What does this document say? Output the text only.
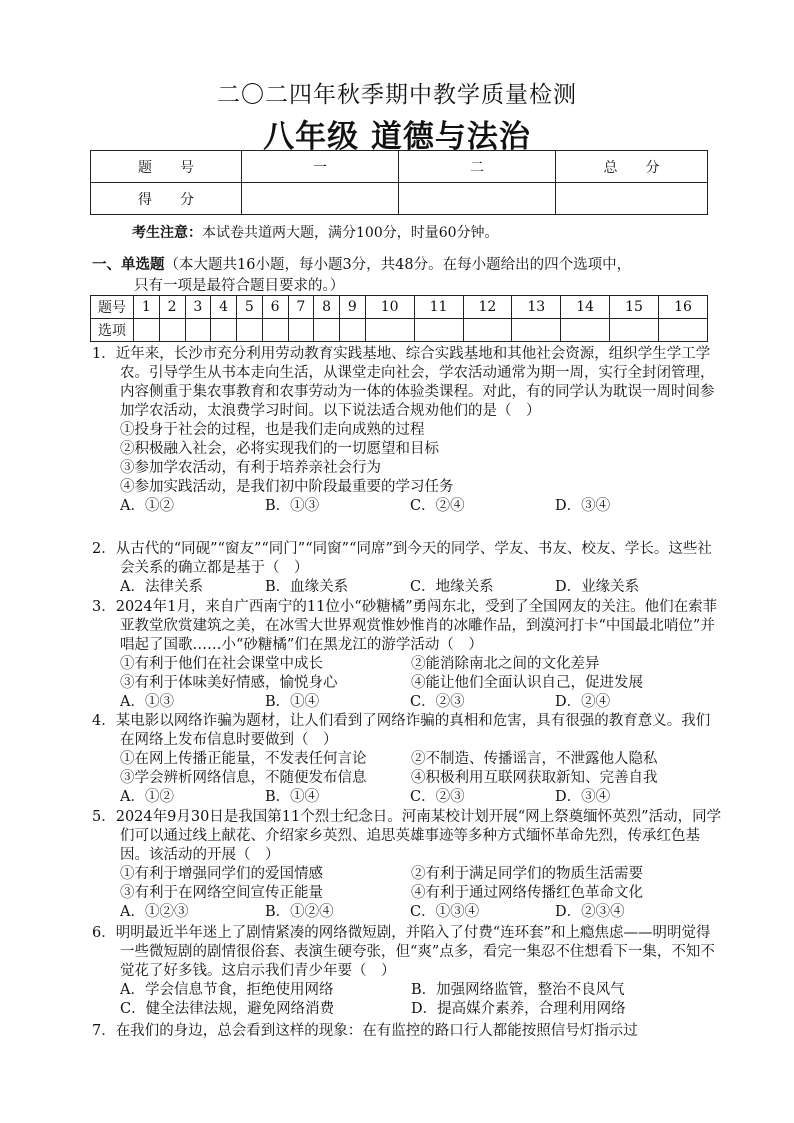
二〇二四年秋季期中教学质量检测
八年级 道德与法治
题　　号	一	二	总　　分
得　　分			
考生注意：本试卷共道两大题，满分100分，时量60分钟。
一、单选题（本大题共16小题，每小题3分，共48分。在每小题给出的四个选项中，
只有一项是最符合题目要求的。）
题号	1	2	3	4	5	6	7	8	9	10	11	12	13	14	15	16
选项																
1．近年来，长沙市充分利用劳动教育实践基地、综合实践基地和其他社会资源，组织学生学工学农。引导学生从书本走向生活，从课堂走向社会，学农活动通常为期一周，实行全封闭管理，内容侧重于集农事教育和农事劳动为一体的体验类课程。对此，有的同学认为耽误一周时间参加学农活动，太浪费学习时间。以下说法适合规劝他们的是（　）
①投身于社会的过程，也是我们走向成熟的过程
②积极融入社会，必将实现我们的一切愿望和目标
③参加学农活动，有利于培养亲社会行为
④参加实践活动，是我们初中阶段最重要的学习任务
A．①②	B．①③	C．②④	D．③④
2．从古代的“同砚”“窗友”“同门”“同窗”“同席”到今天的同学、学友、书友、校友、学长。这些社会关系的确立都是基于（　）
A．法律关系	B．血缘关系	C．地缘关系	D．业缘关系
3．2024年1月，来自广西南宁的11位小“砂糖橘”勇闯东北，受到了全国网友的关注。他们在索菲亚教堂欣赏建筑之美，在冰雪大世界观赏惟妙惟肖的冰雕作品，到漠河打卡“中国最北哨位”并唱起了国歌……小“砂糖橘”们在黑龙江的游学活动（　）
①有利于他们在社会课堂中成长	②能消除南北之间的文化差异
③有利于体味美好情感，愉悦身心	④能让他们全面认识自己，促进发展
A．①③	B．①④	C．②③	D．②④
4．某电影以网络诈骗为题材，让人们看到了网络诈骗的真相和危害，具有很强的教育意义。我们在网络上发布信息时要做到（　）
①在网上传播正能量，不发表任何言论	②不制造、传播谣言，不泄露他人隐私
③学会辨析网络信息，不随便发布信息	④积极利用互联网获取新知、完善自我
A．①②	B．①④	C．②③	D．③④
5．2024年9月30日是我国第11个烈士纪念日。河南某校计划开展“网上祭奠缅怀英烈”活动，同学们可以通过线上献花、介绍家乡英烈、追思英雄事迹等多种方式缅怀革命先烈，传承红色基因。该活动的开展（　）
①有利于增强同学们的爱国情感	②有利于满足同学们的物质生活需要
③有利于在网络空间宣传正能量	④有利于通过网络传播红色革命文化
A．①②③	B．①②④	C．①③④	D．②③④
6．明明最近半年迷上了剧情紧凑的网络微短剧，并陷入了付费“连环套”和上瘾焦虑——明明觉得一些微短剧的剧情很俗套、表演生硬夸张，但“爽”点多，看完一集忍不住想看下一集，不知不觉花了好多钱。这启示我们青少年要（　）
A．学会信息节食，拒绝使用网络	B．加强网络监管，整治不良风气
C．健全法律法规，避免网络消费	D．提高媒介素养，合理利用网络
7．在我们的身边，总会看到这样的现象：在有监控的路口行人都能按照信号灯指示过
